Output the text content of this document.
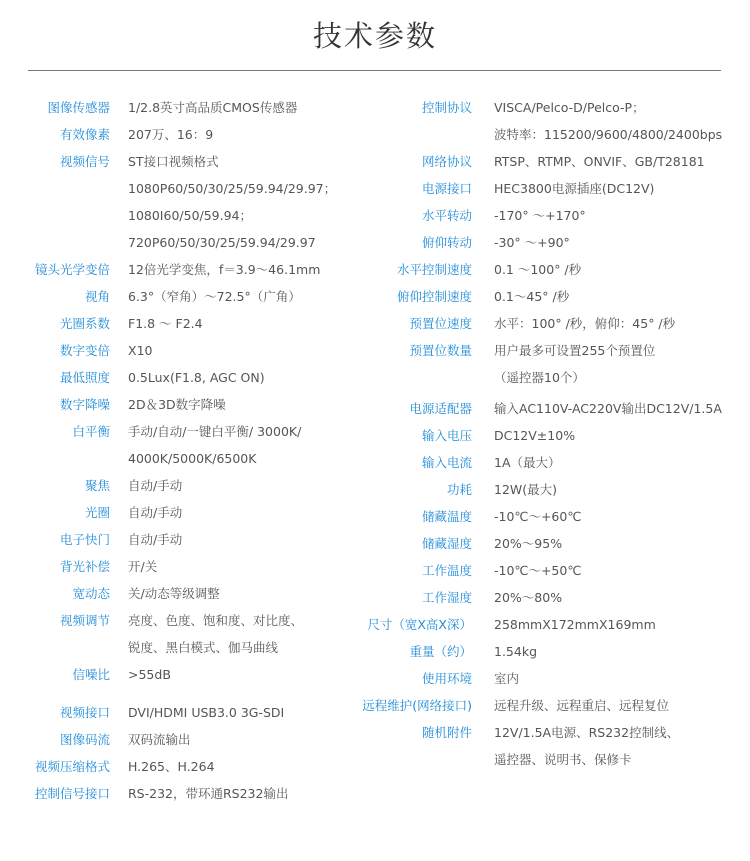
技术参数
图像传感器 1/2.8英寸高品质CMOS传感器
有效像素 207万、16：9
视频信号 ST接口视频格式
1080P60/50/30/25/59.94/29.97；
1080I60/50/59.94；
720P60/50/30/25/59.94/29.97
镜头光学变倍 12倍光学变焦，f＝3.9～46.1mm
视角 6.3°（窄角）～72.5°（广角）
光圈系数 F1.8 ～ F2.4
数字变倍 X10
最低照度 0.5Lux(F1.8, AGC ON)
数字降噪 2D＆3D数字降噪
白平衡 手动/自动/一键白平衡/ 3000K/
4000K/5000K/6500K
聚焦 自动/手动
光圈 自动/手动
电子快门 自动/手动
背光补偿 开/关
宽动态 关/动态等级调整
视频调节 亮度、色度、饱和度、对比度、
锐度、黑白模式、伽马曲线
信噪比 >55dB
视频接口 DVI/HDMI USB3.0 3G-SDI
图像码流 双码流输出
视频压缩格式 H.265、H.264
控制信号接口 RS-232，带环通RS232输出
控制协议 VISCA/Pelco-D/Pelco-P；
波特率：115200/9600/4800/2400bps
网络协议 RTSP、RTMP、ONVIF、GB/T28181
电源接口 HEC3800电源插座(DC12V)
水平转动 -170° ～+170°
俯仰转动 -30° ～+90°
水平控制速度 0.1 ～100° /秒
俯仰控制速度 0.1～45° /秒
预置位速度 水平：100° /秒，俯仰：45° /秒
预置位数量 用户最多可设置255个预置位
（遥控器10个）
电源适配器 输入AC110V-AC220V输出DC12V/1.5A
输入电压 DC12V±10%
输入电流 1A（最大）
功耗 12W(最大)
储藏温度 -10℃～+60℃
储藏湿度 20%～95%
工作温度 -10℃～+50℃
工作湿度 20%～80%
尺寸（宽X高X深） 258mmX172mmX169mm
重量（约） 1.54kg
使用环境 室内
远程维护(网络接口) 远程升级、远程重启、远程复位
随机附件 12V/1.5A电源、RS232控制线、
遥控器、说明书、保修卡
